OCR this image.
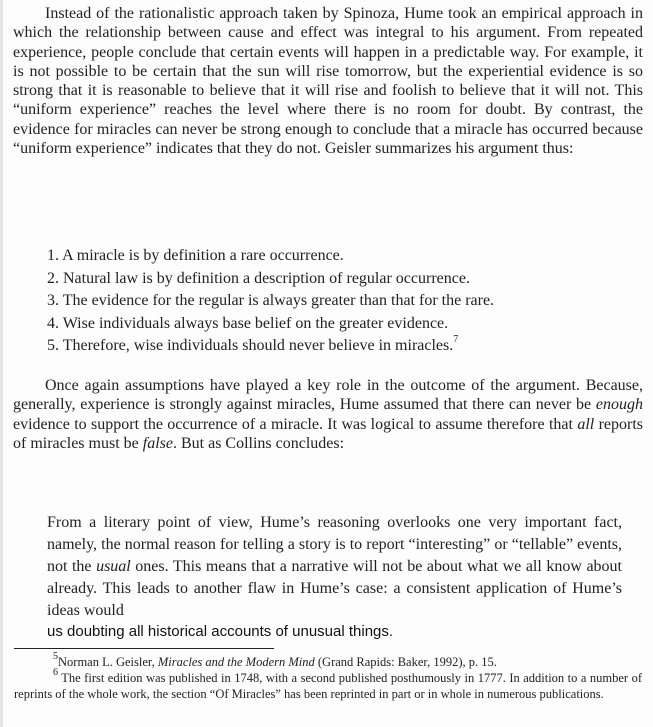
Instead of the rationalistic approach taken by Spinoza, Hume took an empirical approach in which the relationship between cause and effect was integral to his argument. From repeated experience, people conclude that certain events will happen in a predictable way. For example, it is not possible to be certain that the sun will rise tomorrow, but the experiential evidence is so strong that it is reasonable to believe that it will rise and foolish to believe that it will not. This “uniform experience” reaches the level where there is no room for doubt. By contrast, the evidence for miracles can never be strong enough to conclude that a miracle has occurred because “uniform experience” indicates that they do not. Geisler summarizes his argument thus:

1. A miracle is by definition a rare occurrence.
2. Natural law is by definition a description of regular occurrence.
3. The evidence for the regular is always greater than that for the rare.
4. Wise individuals always base belief on the greater evidence.
5. Therefore, wise individuals should never believe in miracles.$^7$

Once again assumptions have played a key role in the outcome of the argument. Because, generally, experience is strongly against miracles, Hume assumed that there can never be enough evidence to support the occurrence of a miracle. It was logical to assume therefore that all reports of miracles must be false. But as Collins concludes:

From a literary point of view, Hume’s reasoning overlooks one very important fact, namely, the normal reason for telling a story is to report “interesting” or “tellable” events, not the usual ones. This means that a narrative will not be about what we all know about already. This leads to another flaw in Hume’s case: a consistent application of Hume’s ideas would

us doubting all historical accounts of unusual things.

$^5$Norman L. Geisler, Miracles and the Modern Mind (Grand Rapids: Baker, 1992), p. 15.

$^6$ The first edition was published in 1748, with a second published posthumously in 1777. In addition to a number of reprints of the whole work, the section “Of Miracles” has been reprinted in part or in whole in numerous publications.
